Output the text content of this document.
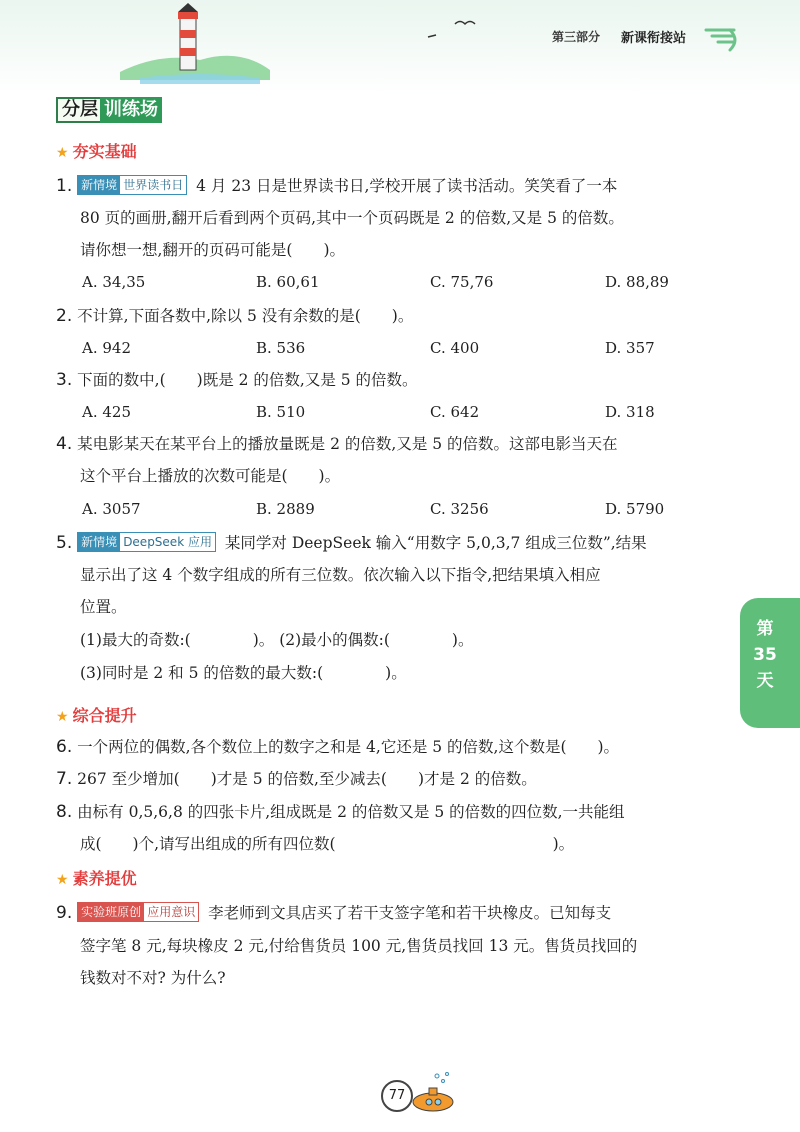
第三部分 新课衔接站
分层 训练场
★ 夯实基础
1. 新情境 世界读书日 4 月 23 日是世界读书日,学校开展了读书活动。笑笑看了一本
80 页的画册,翻开后看到两个页码,其中一个页码既是 2 的倍数,又是 5 的倍数。
请你想一想,翻开的页码可能是(　　)。
A. 34,35	B. 60,61	C. 75,76	D. 88,89
2. 不计算,下面各数中,除以 5 没有余数的是(　　)。
A. 942	B. 536	C. 400	D. 357
3. 下面的数中,(　　)既是 2 的倍数,又是 5 的倍数。
A. 425	B. 510	C. 642	D. 318
4. 某电影某天在某平台上的播放量既是 2 的倍数,又是 5 的倍数。这部电影当天在
这个平台上播放的次数可能是(　　)。
A. 3057	B. 2889	C. 3256	D. 5790
5. 新情境 DeepSeek 应用 某同学对 DeepSeek 输入“用数字 5,0,3,7 组成三位数”,结果
显示出了这 4 个数字组成的所有三位数。依次输入以下指令,把结果填入相应
位置。
(1)最大的奇数:(　　　　)。 (2)最小的偶数:(　　　　)。
(3)同时是 2 和 5 的倍数的最大数:(　　　　)。
★ 综合提升
6. 一个两位的偶数,各个数位上的数字之和是 4,它还是 5 的倍数,这个数是(　　)。
7. 267 至少增加(　　)才是 5 的倍数,至少减去(　　)才是 2 的倍数。
8. 由标有 0,5,6,8 的四张卡片,组成既是 2 的倍数又是 5 的倍数的四位数,一共能组
成(　　)个,请写出组成的所有四位数(　　　　　　　　　　　　　　)。
★ 素养提优
9. 实验班原创 应用意识 李老师到文具店买了若干支签字笔和若干块橡皮。已知每支
签字笔 8 元,每块橡皮 2 元,付给售货员 100 元,售货员找回 13 元。售货员找回的
钱数对不对? 为什么?
第35天
77
